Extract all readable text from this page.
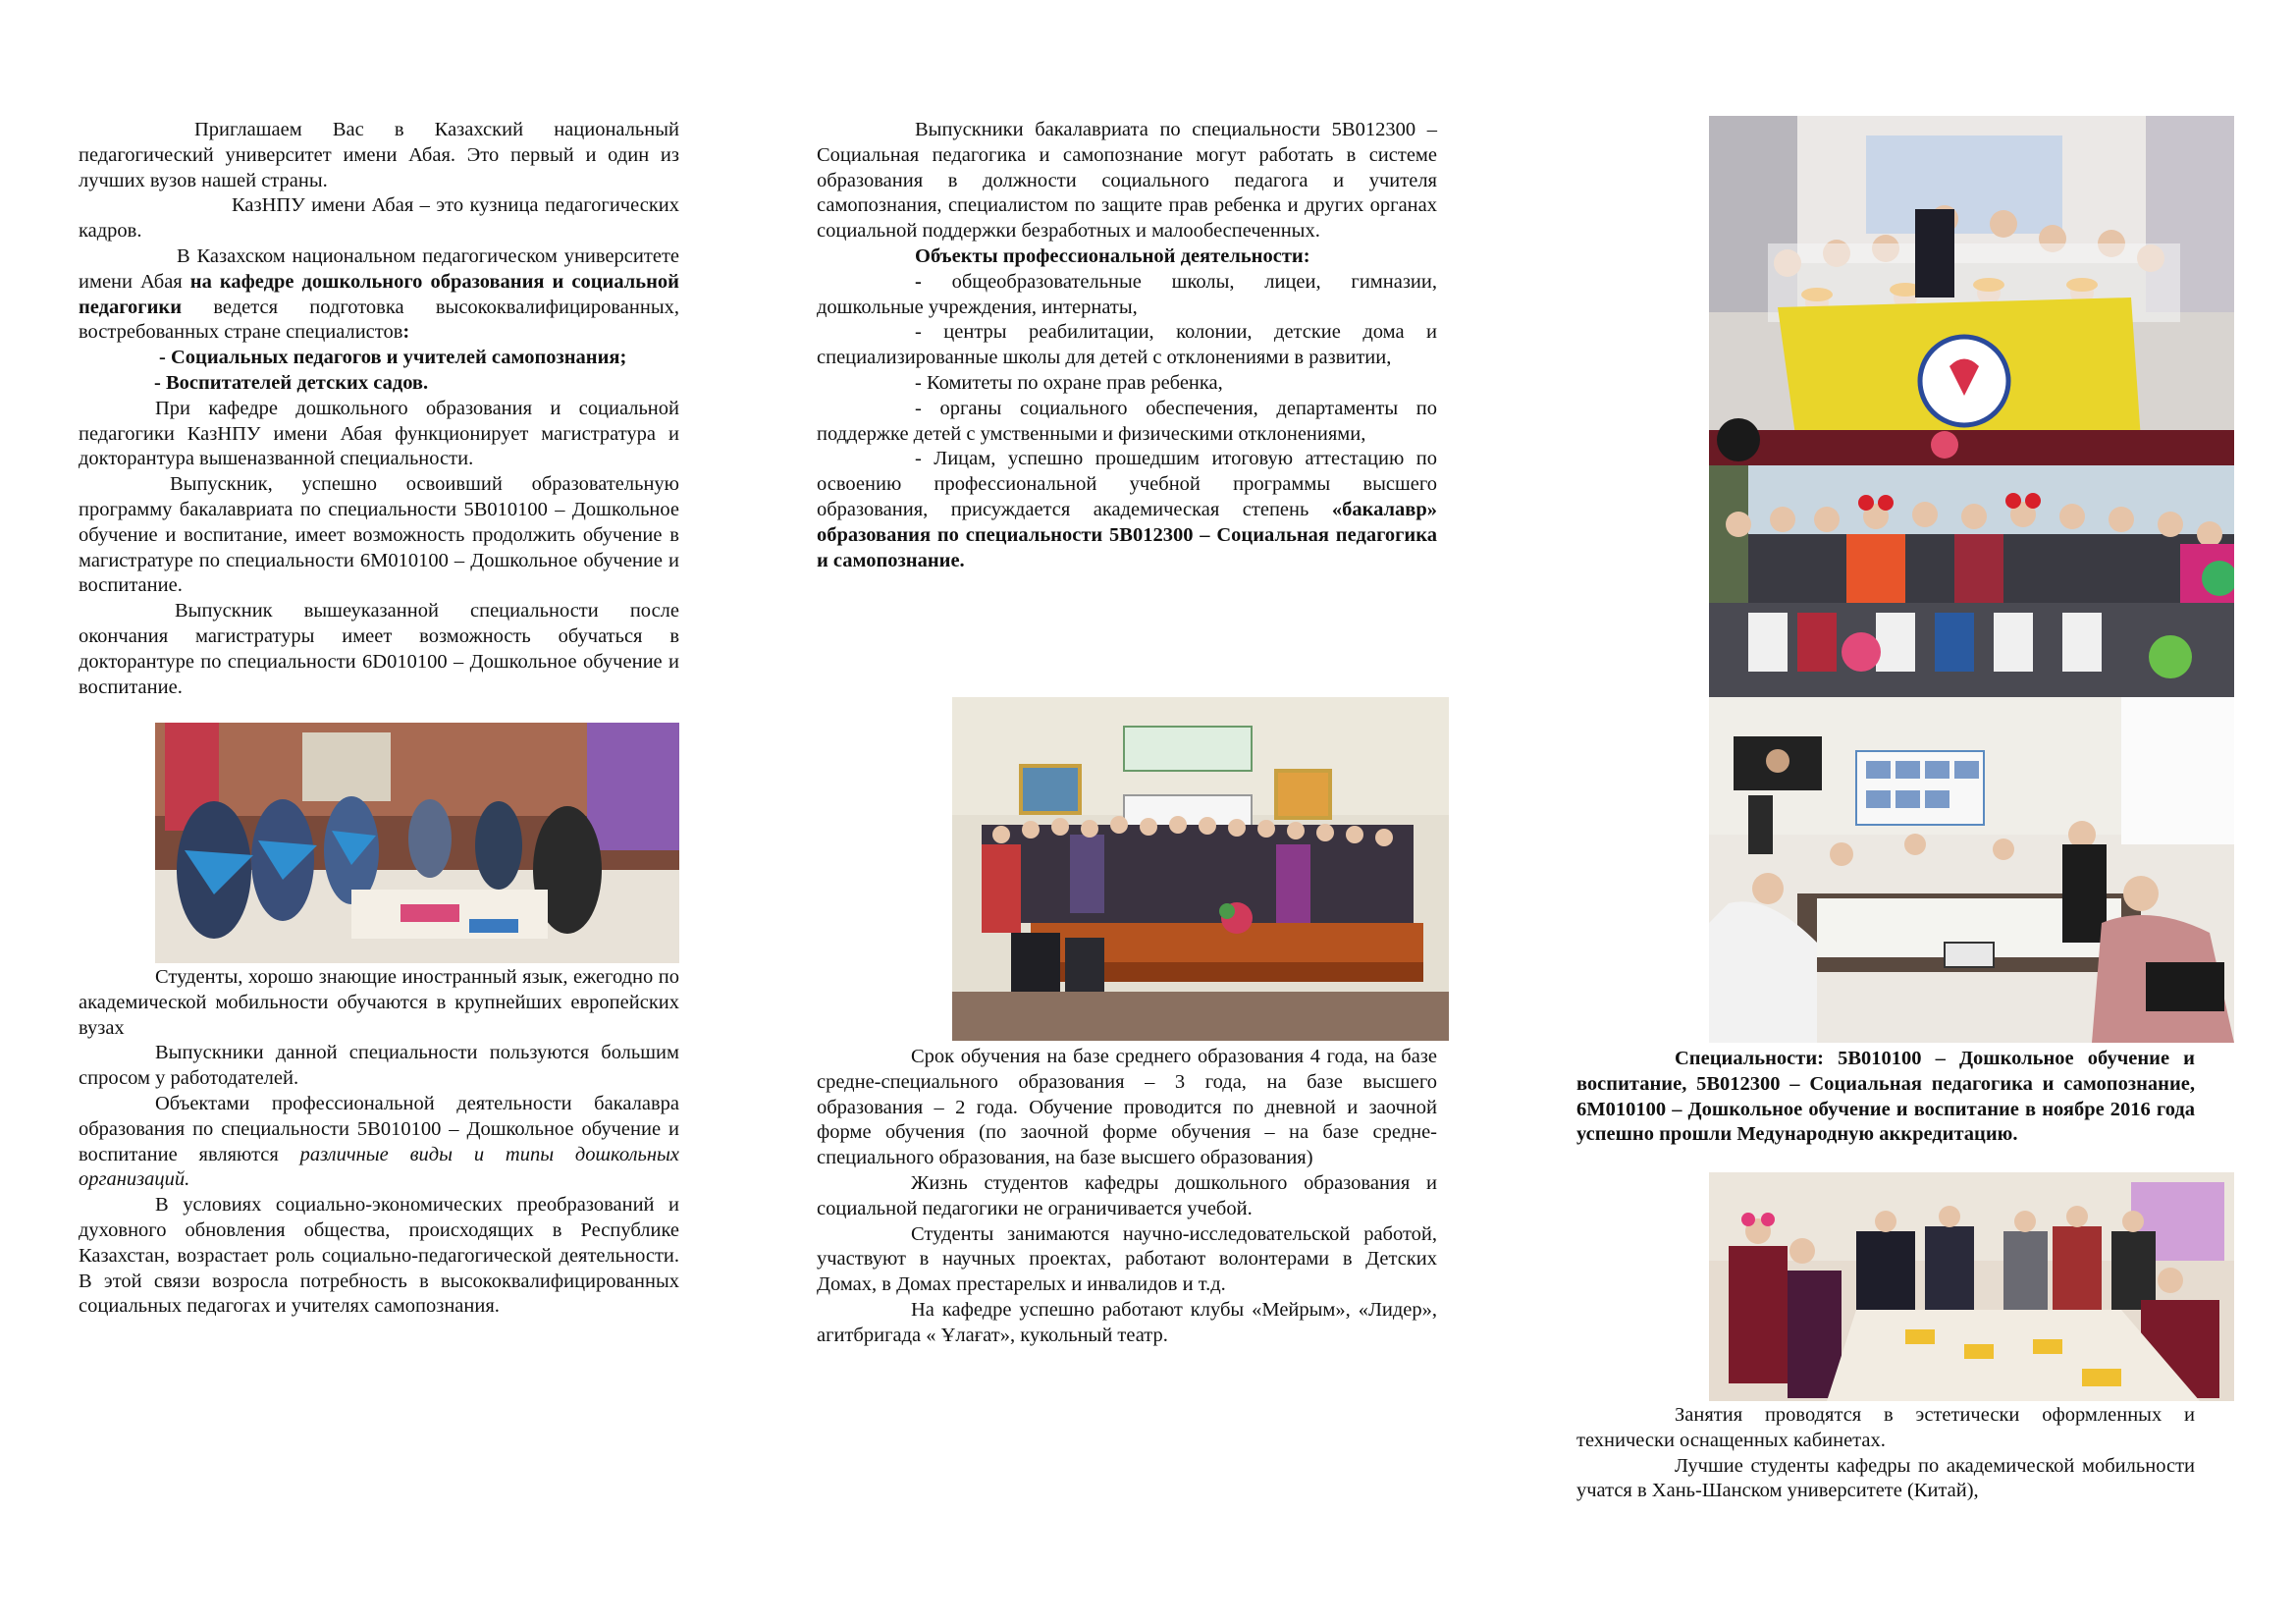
Приглашаем Вас в Казахский национальный педагогический университет имени Абая. Это первый и один из лучших вузов нашей страны.

КазНПУ имени Абая – это кузница педагогических кадров.

В Казахском национальном педагогическом университете имени Абая на кафедре дошкольного образования и социальной педагогики ведется подготовка высококвалифицированных, востребованных стране специалистов:

- Социальных педагогов и учителей самопознания;

- Воспитателей детских садов.

При кафедре дошкольного образования и социальной педагогики КазНПУ имени Абая функционирует магистратура и докторантура вышеназванной специальности.

Выпускник, успешно освоивший образовательную программу бакалавриата по специальности 5В010100 – Дошкольное обучение и воспитание, имеет возможность продолжить обучение в магистратуре по специальности 6М010100 – Дошкольное обучение и воспитание.

Выпускник вышеуказанной специальности после окончания магистратуры имеет возможность обучаться в докторантуре по специальности 6D010100 – Дошкольное обучение и воспитание.

Студенты, хорошо знающие иностранный язык, ежегодно по академической мобильности обучаются в крупнейших европейских вузах

Выпускники данной специальности пользуются большим спросом у работодателей.

Объектами профессиональной деятельности бакалавра образования по специальности 5В010100 – Дошкольное обучение и воспитание являются различные виды и типы дошкольных организаций.

В условиях социально-экономических преобразований и духовного обновления общества, происходящих в Республике Казахстан, возрастает роль социально-педагогической деятельности. В этой связи возросла потребность в высококвалифицированных социальных педагогах и учителях самопознания.

Выпускники бакалавриата по специальности 5В012300 – Социальная педагогика и самопознание могут работать в системе образования в должности социального педагога и учителя самопознания, специалистом по защите прав ребенка и других органах социальной поддержки безработных и малообеспеченных.

Объекты профессиональной деятельности:

- общеобразовательные школы, лицеи, гимназии, дошкольные учреждения, интернаты,

- центры реабилитации, колонии, детские дома и специализированные школы для детей с отклонениями в развитии,

- Комитеты по охране прав ребенка,

- органы социального обеспечения, департаменты по поддержке детей с умственными и физическими отклонениями,

- Лицам, успешно прошедшим итоговую аттестацию по освоению профессиональной учебной программы высшего образования, присуждается академическая степень «бакалавр» образования по специальности 5В012300 – Социальная педагогика и самопознание.

Срок обучения на базе среднего образования 4 года, на базе средне-специального образования – 3 года, на базе высшего образования – 2 года. Обучение проводится по дневной и заочной форме обучения (по заочной форме обучения – на базе средне-специального образования, на базе высшего образования)

Жизнь студентов кафедры дошкольного образования и социальной педагогики не ограничивается учебой.

Студенты занимаются научно-исследовательской работой, участвуют в научных проектах, работают волонтерами в Детских Домах, в Домах престарелых и инвалидов и т.д.

На кафедре успешно работают клубы «Мейрым», «Лидер», агитбригада « Ұлағат», кукольный театр.

Специальности: 5В010100 – Дошкольное обучение и воспитание, 5В012300 – Социальная педагогика и самопознание, 6М010100 – Дошкольное обучение и воспитание в ноябре 2016 года успешно прошли Медународную аккредитацию.

Занятия проводятся в эстетически оформленных и технически оснащенных кабинетах.

Лучшие студенты кафедры по академической мобильности учатся в Хань-Шанском университете (Китай),
